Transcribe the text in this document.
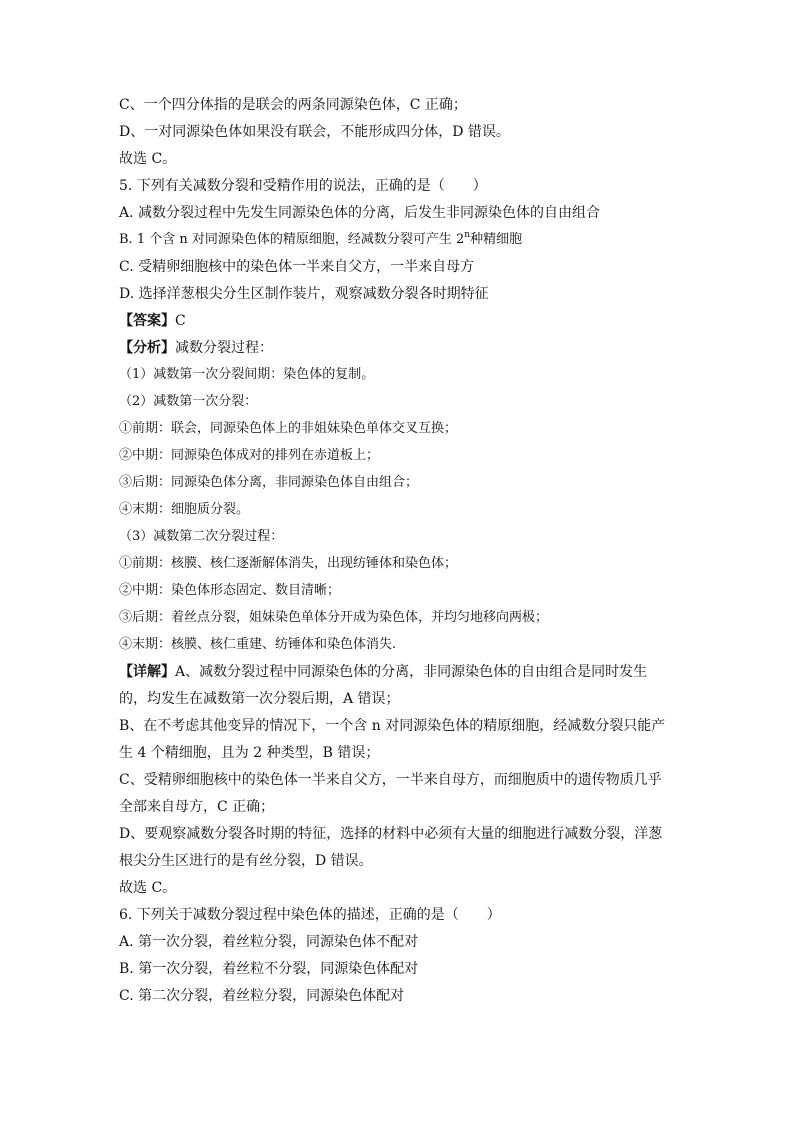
C、一个四分体指的是联会的两条同源染色体，C 正确；
D、一对同源染色体如果没有联会，不能形成四分体，D 错误。
故选 C。
5. 下列有关减数分裂和受精作用的说法，正确的是（　　）
A. 减数分裂过程中先发生同源染色体的分离，后发生非同源染色体的自由组合
B. 1 个含 n 对同源染色体的精原细胞，经减数分裂可产生 2$^n$种精细胞
C. 受精卵细胞核中的染色体一半来自父方，一半来自母方
D. 选择洋葱根尖分生区制作装片，观察减数分裂各时期特征
【答案】C
【分析】减数分裂过程：
（1）减数第一次分裂间期：染色体的复制。
（2）减数第一次分裂：
①前期：联会，同源染色体上的非姐妹染色单体交叉互换；
②中期：同源染色体成对的排列在赤道板上；
③后期：同源染色体分离，非同源染色体自由组合；
④末期：细胞质分裂。
（3）减数第二次分裂过程：
①前期：核膜、核仁逐渐解体消失，出现纺锤体和染色体；
②中期：染色体形态固定、数目清晰；
③后期：着丝点分裂，姐妹染色单体分开成为染色体，并均匀地移向两极；
④末期：核膜、核仁重建、纺锤体和染色体消失.
【详解】A、减数分裂过程中同源染色体的分离，非同源染色体的自由组合是同时发生
的，均发生在减数第一次分裂后期，A 错误；
B、在不考虑其他变异的情况下，一个含 n 对同源染色体的精原细胞，经减数分裂只能产
生 4 个精细胞，且为 2 种类型，B 错误；
C、受精卵细胞核中的染色体一半来自父方，一半来自母方，而细胞质中的遗传物质几乎
全部来自母方，C 正确；
D、要观察减数分裂各时期的特征，选择的材料中必须有大量的细胞进行减数分裂，洋葱
根尖分生区进行的是有丝分裂，D 错误。
故选 C。
6. 下列关于减数分裂过程中染色体的描述，正确的是（　　）
A. 第一次分裂，着丝粒分裂，同源染色体不配对
B. 第一次分裂，着丝粒不分裂，同源染色体配对
C. 第二次分裂，着丝粒分裂，同源染色体配对
